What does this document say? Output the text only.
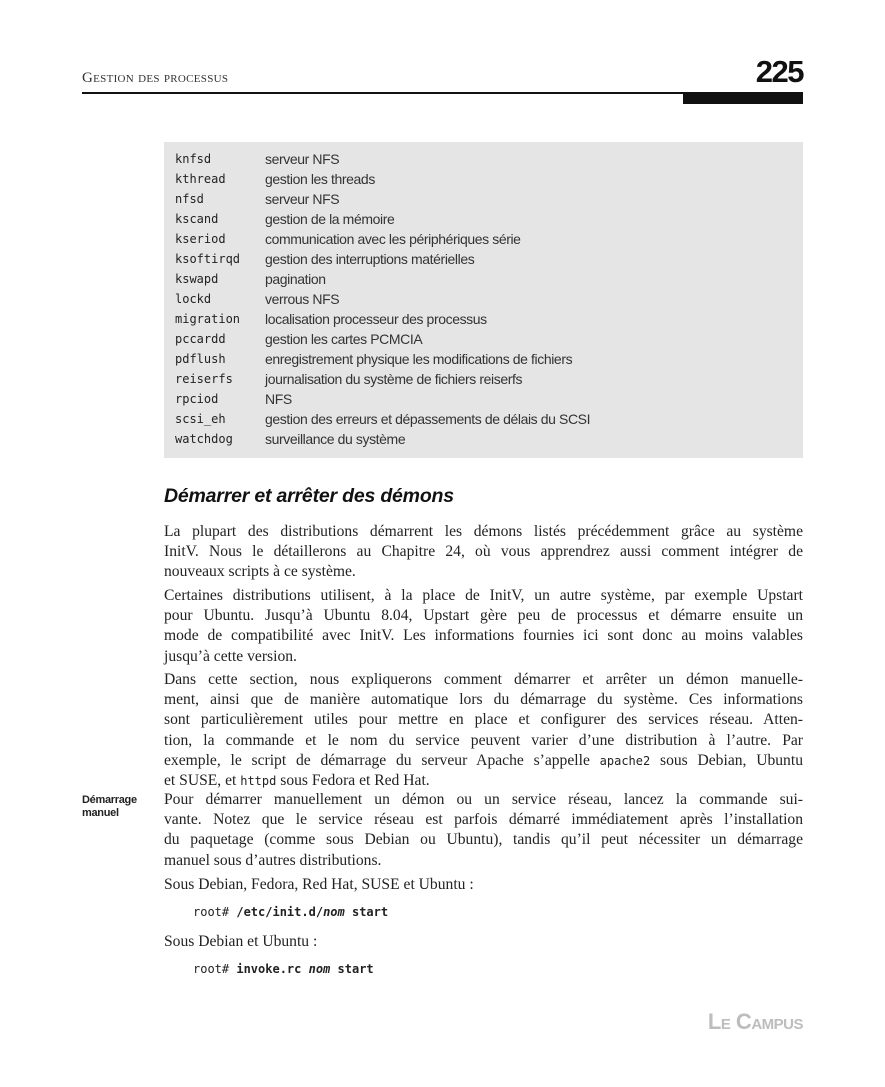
Gestion des processus	225
knfsd	serveur NFS
kthread	gestion les threads
nfsd	serveur NFS
kscand	gestion de la mémoire
kseriod	communication avec les périphériques série
ksoftirqd gestion des interruptions matérielles
kswapd	pagination
lockd	verrous NFS
migration localisation processeur des processus
pccardd	gestion les cartes PCMCIA
pdflush	enregistrement physique les modifications de fichiers
reiserfs journalisation du système de fichiers reiserfs
rpciod	NFS
scsi_eh	gestion des erreurs et dépassements de délais du SCSI
watchdog surveillance du système
Démarrer et arrêter des démons
La plupart des distributions démarrent les démons listés précédemment grâce au système
InitV. Nous le détaillerons au Chapitre 24, où vous apprendrez aussi comment intégrer de
nouveaux scripts à ce système.
Certaines distributions utilisent, à la place de InitV, un autre système, par exemple Upstart
pour Ubuntu. Jusqu’à Ubuntu 8.04, Upstart gère peu de processus et démarre ensuite un
mode de compatibilité avec InitV. Les informations fournies ici sont donc au moins valables
jusqu’à cette version.
Dans cette section, nous expliquerons comment démarrer et arrêter un démon manuelle-
ment, ainsi que de manière automatique lors du démarrage du système. Ces informations
sont particulièrement utiles pour mettre en place et configurer des services réseau. Atten-
tion, la commande et le nom du service peuvent varier d’une distribution à l’autre. Par
exemple, le script de démarrage du serveur Apache s’appelle apache2 sous Debian, Ubuntu
et SUSE, et httpd sous Fedora et Red Hat.
Démarrage
manuel
Pour démarrer manuellement un démon ou un service réseau, lancez la commande sui-
vante. Notez que le service réseau est parfois démarré immédiatement après l’installation
du paquetage (comme sous Debian ou Ubuntu), tandis qu’il peut nécessiter un démarrage
manuel sous d’autres distributions.
Sous Debian, Fedora, Red Hat, SUSE et Ubuntu :
root# /etc/init.d/nom start
Sous Debian et Ubuntu :
root# invoke.rc nom start
Le Campus
